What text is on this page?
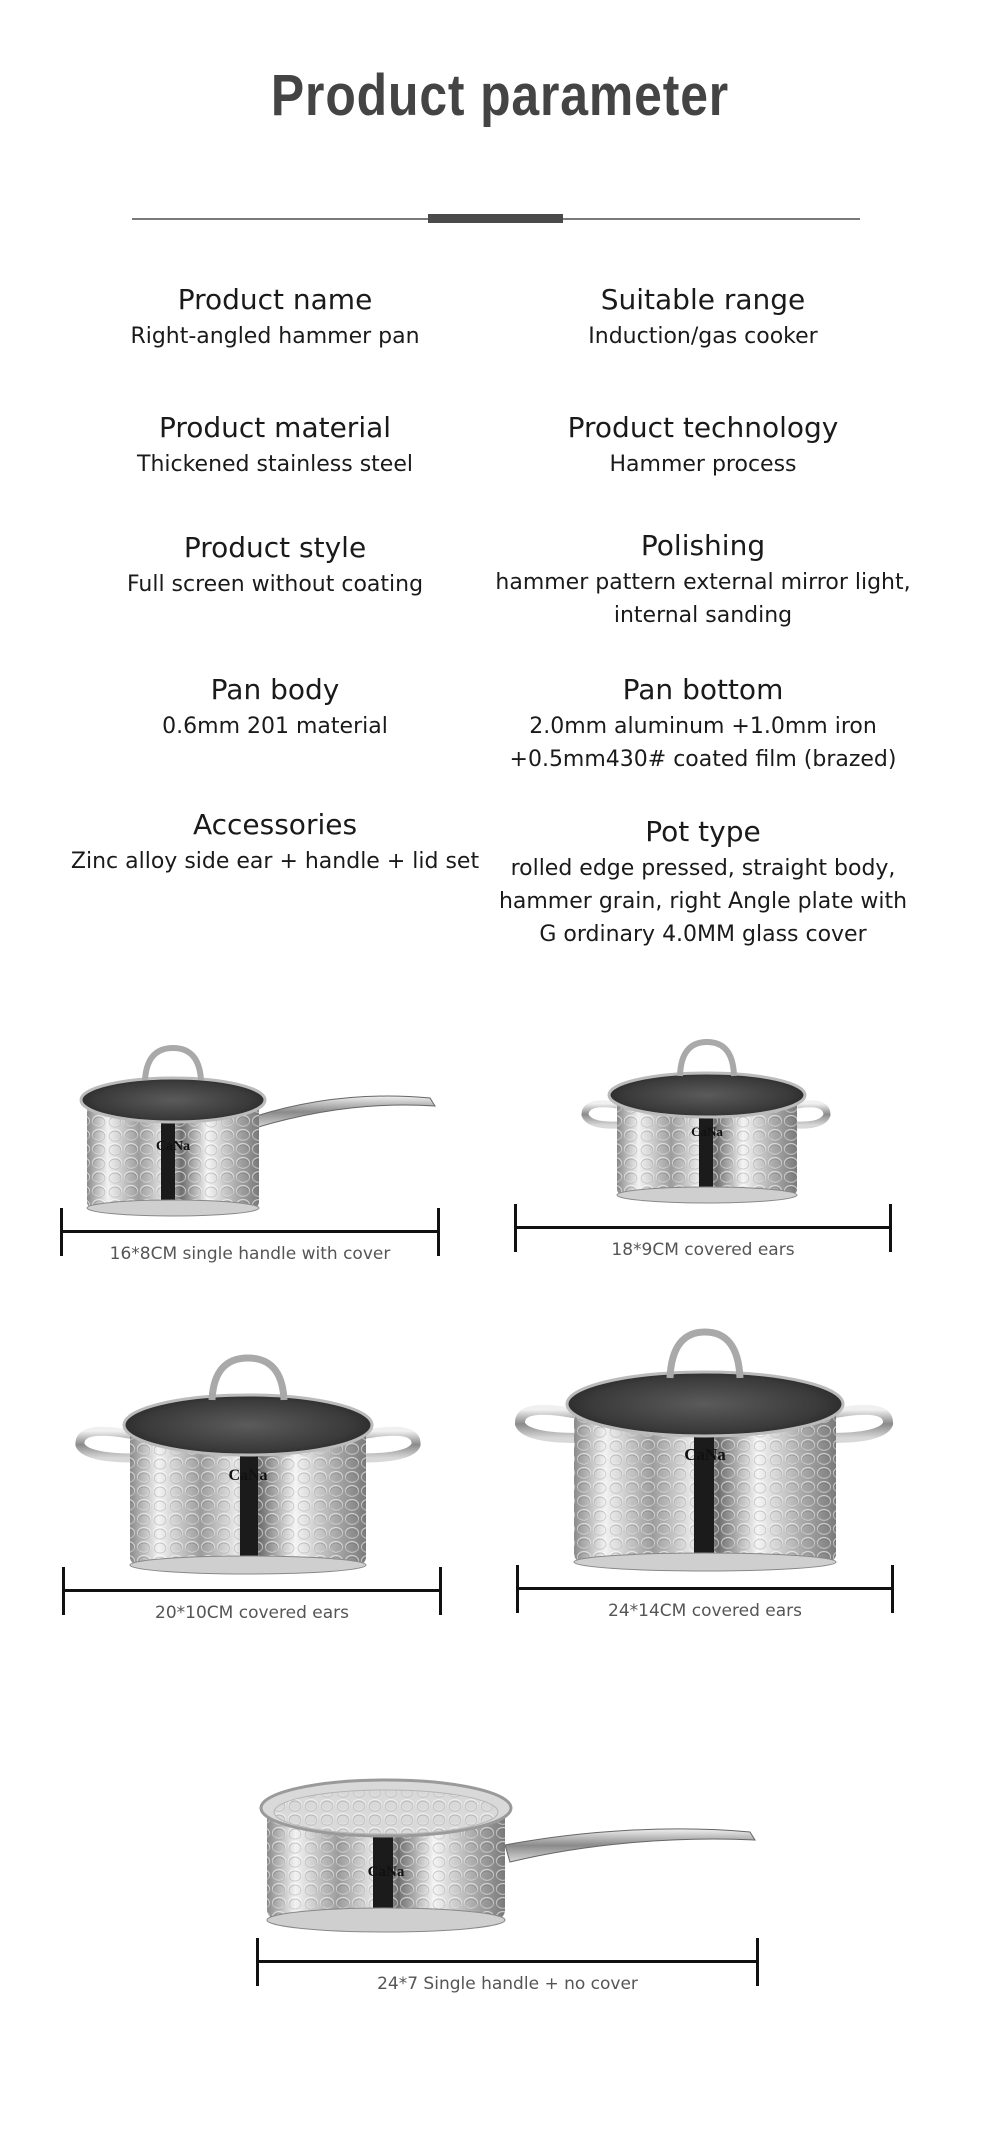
Product parameter
Product name
Right-angled hammer pan
Suitable range
Induction/gas cooker
Product material
Thickened stainless steel
Product technology
Hammer process
Product style
Full screen without coating
Polishing
hammer pattern external mirror light,
internal sanding
Pan body
0.6mm 201 material
Pan bottom
2.0mm aluminum +1.0mm iron
+0.5mm430# coated film (brazed)
Accessories
Zinc alloy side ear + handle + lid set
Pot type
rolled edge pressed, straight body,
hammer grain, right Angle plate with
G ordinary 4.0MM glass cover
CaNa
16*8CM single handle with cover
CaNa
18*9CM covered ears
CaNa
20*10CM covered ears
CaNa
24*14CM covered ears
CaNa
24*7 Single handle + no cover
